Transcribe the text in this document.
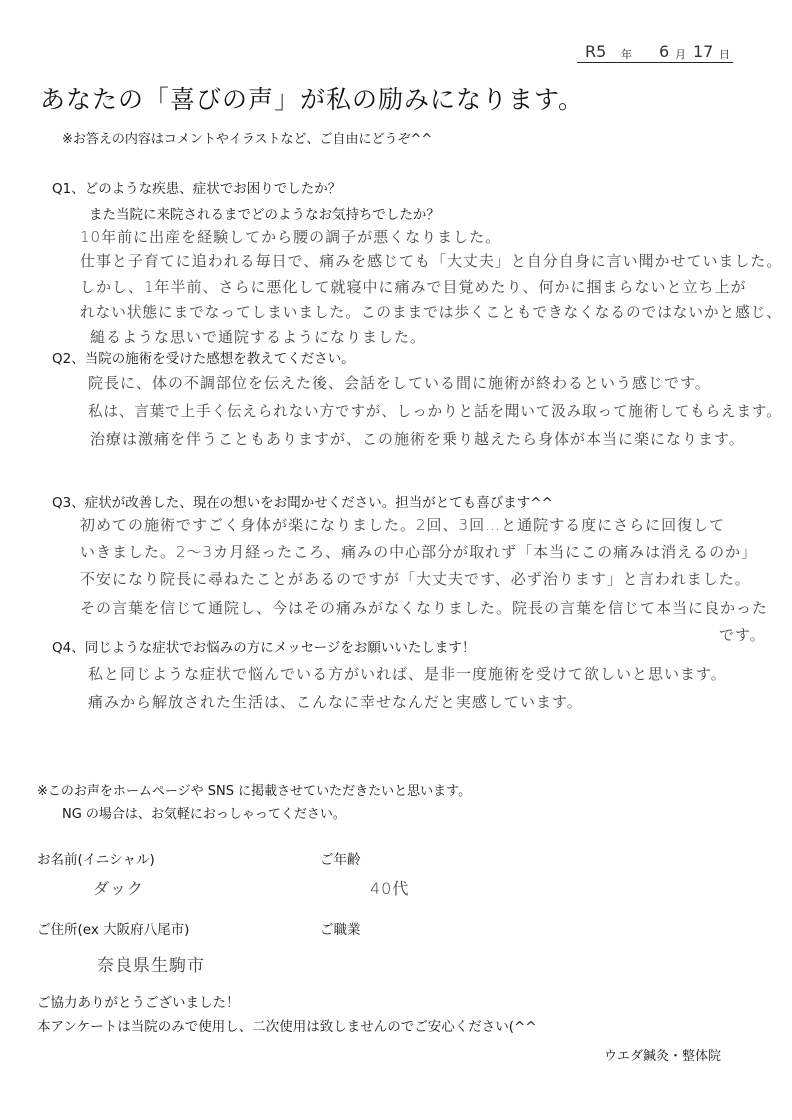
R5 年 6 月 17 日
あなたの「喜びの声」が私の励みになります。
※お答えの内容はコメントやイラストなど、ご自由にどうぞ^^
Q1、どのような疾患、症状でお困りでしたか？
また当院に来院されるまでどのようなお気持ちでしたか？
10年前に出産を経験してから腰の調子が悪くなりました。
仕事と子育てに追われる毎日で、痛みを感じても「大丈夫」と自分自身に言い聞かせていました。
しかし、1年半前、さらに悪化して就寝中に痛みで目覚めたり、何かに掴まらないと立ち上が
れない状態にまでなってしまいました。このままでは歩くこともできなくなるのではないかと感じ、
縋るような思いで通院するようになりました。
Q2、当院の施術を受けた感想を教えてください。
院長に、体の不調部位を伝えた後、会話をしている間に施術が終わるという感じです。
私は、言葉で上手く伝えられない方ですが、しっかりと話を聞いて汲み取って施術してもらえます。
治療は激痛を伴うこともありますが、この施術を乗り越えたら身体が本当に楽になります。
Q3、症状が改善した、現在の想いをお聞かせください。担当がとても喜びます^^
初めての施術ですごく身体が楽になりました。2回、3回…と通院する度にさらに回復して
いきました。2～3カ月経ったころ、痛みの中心部分が取れず「本当にこの痛みは消えるのか」
不安になり院長に尋ねたことがあるのですが「大丈夫です、必ず治ります」と言われました。
その言葉を信じて通院し、今はその痛みがなくなりました。院長の言葉を信じて本当に良かった
です。
Q4、同じような症状でお悩みの方にメッセージをお願いいたします！
私と同じような症状で悩んでいる方がいれば、是非一度施術を受けて欲しいと思います。
痛みから解放された生活は、こんなに幸せなんだと実感しています。
※このお声をホームページや SNS に掲載させていただきたいと思います。
NG の場合は、お気軽におっしゃってください。
お名前(イニシャル)
ダック
ご年齢
40代
ご住所(ex 大阪府八尾市)
奈良県生駒市
ご職業
ご協力ありがとうございました！
本アンケートは当院のみで使用し、二次使用は致しませんのでご安心ください(^^
ウエダ鍼灸・整体院
